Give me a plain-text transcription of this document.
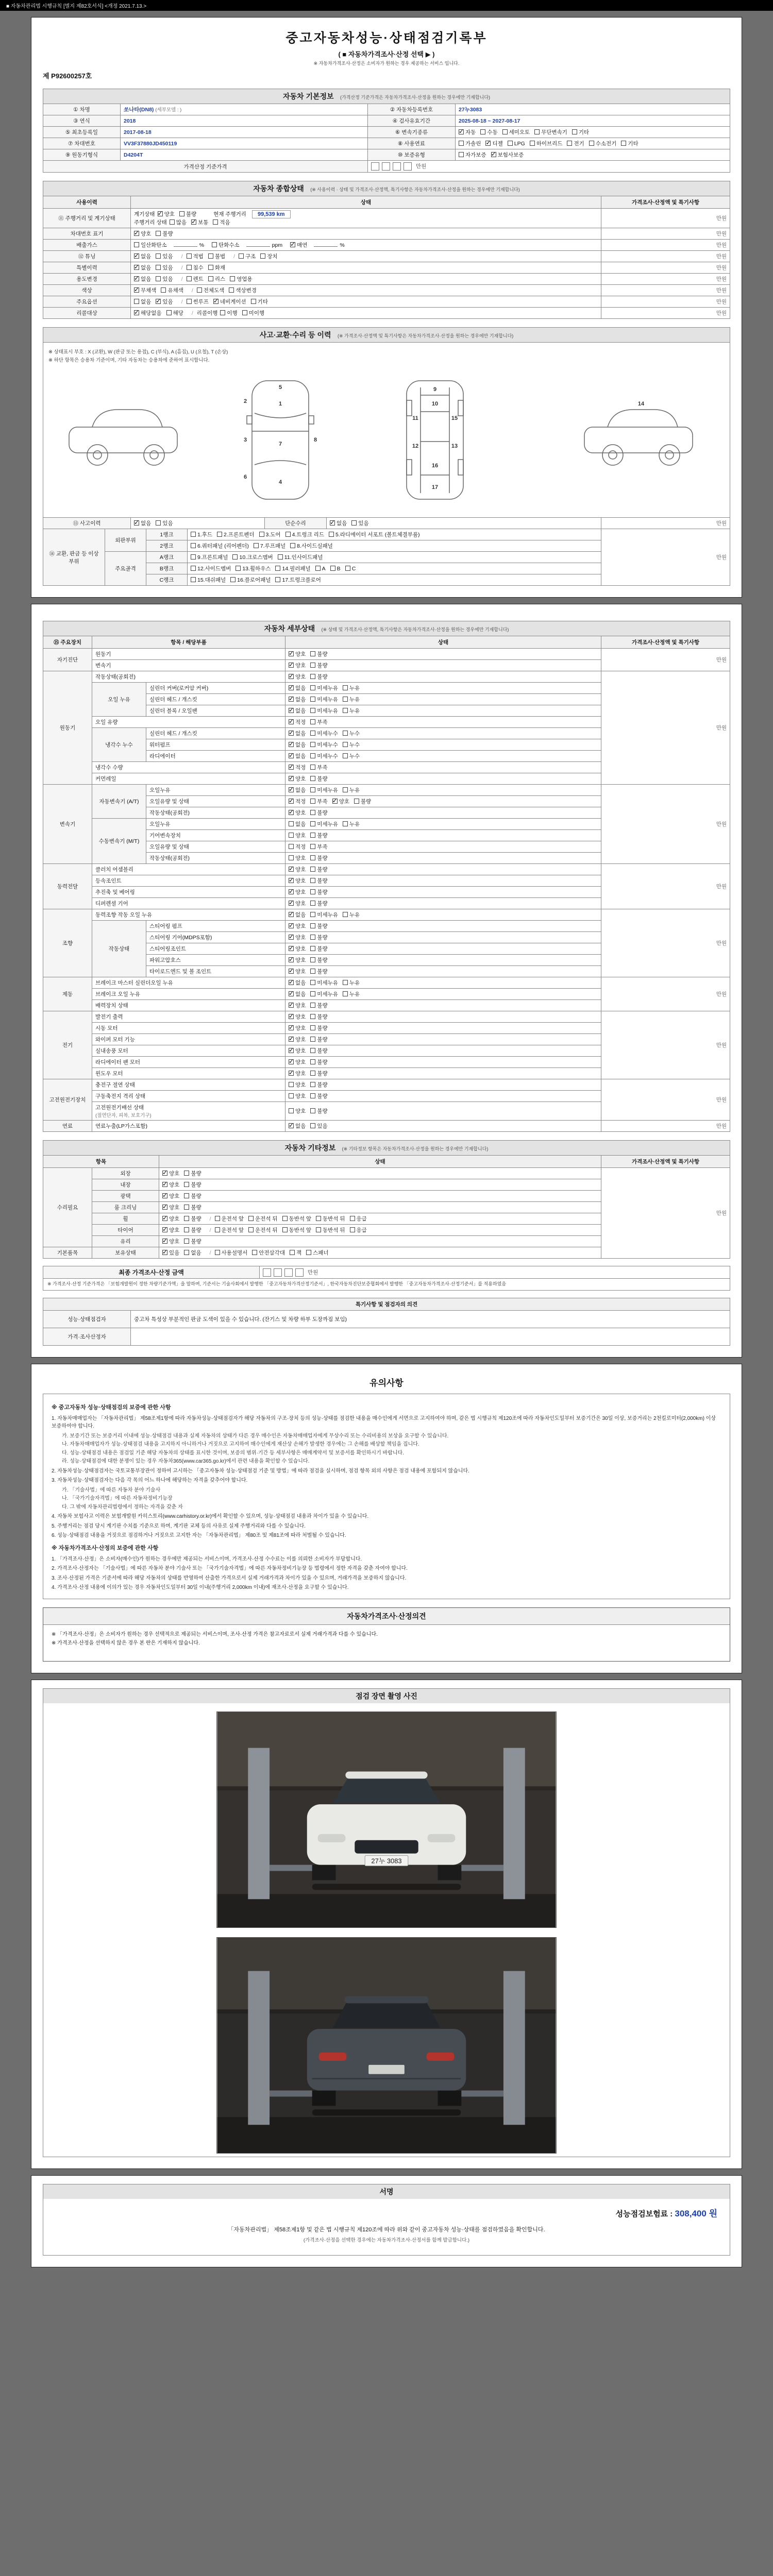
■ 자동차관리법 시행규칙 [별지 제82호서식] <개정 2021.7.13.>
중고자동차성능·상태점검기록부
( ■ 자동차가격조사·산정 선택 ▶ )
※ 자동차가격조사·산정은 소비자가 원하는 경우 제공하는 서비스 입니다.
제 P92600257호
자동차 기본정보 (가격산정 기준가격은 자동차가격조사·산정을 원하는 경우에만 기재합니다)
① 차명	쏘나타(DN8) (세부모델 : )	② 자동차등록번호	27누3083
③ 연식	2018	④ 검사유효기간	2025-08-18 ~ 2027-08-17
⑤ 최초등록일	2017-08-18	⑥ 변속기종류	✓자동 수동 세미오토 무단변속기 기타
⑦ 차대번호	VV3F37880JD450119	⑧ 사용연료	가솔린 ✓ 디젤 LPG 하이브리드 전기 수소전기 기타
⑨ 원동기형식	D4204T	⑩ 보증유형	자가보증 ✓ 보험사보증
가격산정 기준가격		만원	
자동차 종합상태 (※ 사용이력 · 상태 및 가격조사·산정액, 특기사항은 자동차가격조사·산정을 원하는 경우에만 기재합니다)
사용이력	상태	가격조사·산정액 및 특기사항
⑪ 주행거리 및 계기상태	계기상태 ✓ 양호 불량 현재 주행거리 99,539 km
주행거리 상태 많음 ✓ 보통 적음	만원
차대번호 표기	✓양호 불량	만원
배출가스	일산화탄소 % 탄화수소 ppm ✓ 매연 %	만원
⑫ 튜닝	✓없음 있음 / 적법 불법 / 구조 장치	만원
특별이력	✓없음 있음 / 침수 화재	만원
용도변경	✓없음 있음 / 렌트 리스 영업용	만원
색상	✓무채색 유채색 / 전체도색 색상변경	만원
주요옵션	없음 ✓ 있음 / 썬루프 ✓ 네비게이션 기타	만원
리콜대상	✓해당없음 해당 / 리콜이행 이행 미이행	만원
사고·교환·수리 등 이력 (※ 가격조사·산정액 및 특기사항은 자동차가격조사·산정을 원하는 경우에만 기재합니다)
※ 상태표시 부호 : X (교환), W (판금 또는 용접), C (부식), A (흠집), U (요철), T (손상)
※ 하단 항목은 승용차 기준이며, 기타 자동차는 승용차에 준하여 표시합니다.
1
2
3
4
5
6
7
8
9
10
11
12	13
14
15
16
17
⑬ 사고이력	✓없음 있음	단순수리	✓없음 있음	만원
⑭ 교환, 판금 등 이상 부위	외판부위	1랭크	1.후드 2.프론트펜더 3.도어 4.트렁크 리드 5.라디에이터 서포트 (볼트체결부품)	만원
		2랭크	6.쿼터패널 (리어펜더) 7.루프패널 8.사이드실패널	
	주요골격	A랭크	9.프론트패널 10.크로스멤버 11.인사이드패널	
		B랭크	12.사이드멤버 13.휠하우스 14.필러패널 A B C	
		C랭크	15.대쉬패널 16.플로어패널 17.트렁크플로어	
자동차 세부상태 (※ 상태 및 가격조사·산정액, 특기사항은 자동차가격조사·산정을 원하는 경우에만 기재합니다)
⑮ 주요장치	항목 / 해당부품		상태	가격조사·산정액 및 특기사항
자기진단	원동기	✓양호 불량	만원
	변속기	✓양호 불량
원동기	작동상태(공회전)	✓양호 불량	만원
	오일 누유	실린더 커버(로커암 커버)	✓없음 미세누유 누유
		실린더 헤드 / 개스킷	✓없음 미세누유 누유
		실린더 블록 / 오일팬	✓없음 미세누유 누유
	오일 유량	✓적정 부족
	냉각수 누수	실린더 헤드 / 개스킷	✓없음 미세누수 누수
		워터펌프	✓없음 미세누수 누수
		라디에이터	✓없음 미세누수 누수
	냉각수 수량	✓적정 부족
	커먼레일	✓양호 불량
변속기	자동변속기 (A/T)	오일누유	✓없음 미세누유 누유	만원
		오일유량 및 상태	✓적정 부족 ✓ 양호 불량
		작동상태(공회전)	✓양호 불량
	수동변속기 (M/T)	오일누유	없음 미세누유 누유	
		기어변속장치	양호 불량	
		오일유량 및 상태	적정 부족	
		작동상태(공회전)	양호 불량	
동력전달	클러치 어셈블리	✓양호 불량	만원
	등속조인트	✓양호 불량
	추진축 및 베어링	✓양호 불량
	디퍼렌셜 기어	✓양호 불량
조향	동력조향 작동 오일 누유	✓없음 미세누유 누유	만원
	작동상태	스티어링 펌프	✓양호 불량
		스티어링 기어(MDPS포함)	✓양호 불량
		스티어링조인트	✓양호 불량
		파워고압호스	✓양호 불량
		타이로드엔드 및 볼 조인트	✓양호 불량
제동	브레이크 마스터 실린더오일 누유	✓없음 미세누유 누유	만원
	브레이크 오일 누유	✓없음 미세누유 누유
	배력장치 상태	✓양호 불량
전기	발전기 출력	✓양호 불량	만원
	시동 모터	✓양호 불량
	와이퍼 모터 기능	✓양호 불량
	실내송풍 모터	✓양호 불량
	라디에이터 팬 모터	✓양호 불량
	윈도우 모터	✓양호 불량
고전원전기장치	충전구 절연 상태		양호 불량	만원
	구동축전지 격리 상태		양호 불량	
	고전원전기배선 상태
(절연단자, 피복, 보호기구)		양호 불량	
연료	연료누출(LP가스포함)	✓없음 있음	만원
자동차 기타정보 (※ 기타정보 항목은 자동차가격조사·산정을 원하는 경우에만 기재합니다)
항목		상태	가격조사·산정액 및 특기사항
수리필요	외장	✓양호 불량	만원
	내장	✓양호 불량
	광택	✓양호 불량
	룸 크리닝	✓양호 불량
	휠	✓양호 불량 / 운전석 앞 운전석 뒤 동반석 앞 동반석 뒤 응급
	타이어	✓양호 불량 / 운전석 앞 운전석 뒤 동반석 앞 동반석 뒤 응급
	유리	✓양호 불량
기본품목	보유상태	✓있음 없음 / 사용설명서 안전삼각대 잭 스패너
최종 가격조사·산정 금액	만원
※ 가격조사·산정 기준가격은 「보험개발원이 정한 차량기준가액」을 말하며, 기준서는 기술사회에서 발행한 「중고자동차가격산정기준서」, 한국자동차진단보증협회에서 발행한 「중고자동차가격조사·산정기준서」를 적용하였음
특기사항 및 점검자의 의견	
성능·상태점검자	중고차 특성상 부분적인 판금 도색이 있을 수 있습니다. (잔기스 및 차량 하부 도장까짐 보임)
가격·조사산정자	
유의사항
※ 중고자동차 성능·상태점검의 보증에 관한 사항
1. 자동차매매업자는 「자동차관리법」 제58조제1항에 따라 자동차성능·상태점검자가 해당 자동차의 구조·장치 등의 성능·상태를 점검한 내용을 매수인에게 서면으로 고지하여야 하며, 같은 법 시행규칙 제120조에 따라 자동차인도일부터 보증기간은 30일 이상, 보증거리는 2천킬로미터(2,000km) 이상 보증하여야 합니다.
가. 보증기간 또는 보증거리 이내에 성능·상태점검 내용과 실제 자동차의 상태가 다른 경우 매수인은 자동차매매업자에게 무상수리 또는 수리비용의 보상을 요구할 수 있습니다.
나. 자동차매매업자가 성능·상태점검 내용을 고지하지 아니하거나 거짓으로 고지하여 매수인에게 재산상 손해가 발생한 경우에는 그 손해를 배상할 책임을 집니다.
다. 성능·상태점검 내용은 점검일 기준 해당 자동차의 상태를 표시한 것이며, 보증의 범위·기간 등 세부사항은 매매계약서 및 보증서를 확인하시기 바랍니다.
라. 성능·상태점검에 대한 분쟁이 있는 경우 자동차365(www.car365.go.kr)에서 관련 내용을 확인할 수 있습니다.
2. 자동차성능·상태점검자는 국토교통부장관이 정하여 고시하는 「중고자동차 성능·상태점검 기준 및 방법」에 따라 점검을 실시하며, 점검 항목 외의 사항은 점검 내용에 포함되지 않습니다.
3. 자동차성능·상태점검자는 다음 각 목의 어느 하나에 해당하는 자격을 갖추어야 합니다.
가. 「기술사법」에 따른 자동차 분야 기술사
나. 「국가기술자격법」에 따른 자동차정비기능장
다. 그 밖에 자동차관리법령에서 정하는 자격을 갖춘 자
4. 자동차 보험사고 이력은 보험개발원 카히스토리(www.carhistory.or.kr)에서 확인할 수 있으며, 성능·상태점검 내용과 차이가 있을 수 있습니다.
5. 주행거리는 점검 당시 계기판 수치를 기준으로 하며, 계기판 교체 등의 사유로 실제 주행거리와 다를 수 있습니다.
6. 성능·상태점검 내용을 거짓으로 점검하거나 거짓으로 고지한 자는 「자동차관리법」 제80조 및 제81조에 따라 처벌될 수 있습니다.
※ 자동차가격조사·산정의 보증에 관한 사항
1. 「가격조사·산정」은 소비자(매수인)가 원하는 경우에만 제공되는 서비스이며, 가격조사·산정 수수료는 이를 의뢰한 소비자가 부담합니다.
2. 가격조사·산정자는 「기술사법」에 따른 자동차 분야 기술사 또는 「국가기술자격법」에 따른 자동차정비기능장 등 법령에서 정한 자격을 갖춘 자여야 합니다.
3. 조사·산정된 가격은 기준서에 따라 해당 자동차의 상태를 반영하여 산출한 가격으로서 실제 거래가격과 차이가 있을 수 있으며, 거래가격을 보증하지 않습니다.
4. 가격조사·산정 내용에 이의가 있는 경우 자동차인도일부터 30일 이내(주행거리 2,000km 이내)에 재조사·산정을 요구할 수 있습니다.
자동차가격조사·산정의견
※ 「가격조사·산정」은 소비자가 원하는 경우 선택적으로 제공되는 서비스이며, 조사·산정 가격은 참고자료로서 실제 거래가격과 다를 수 있습니다.
※ 가격조사·산정을 선택하지 않은 경우 본 란은 기재하지 않습니다.
점검 장면 촬영 사진
27누 3083
서명
성능점검보험료 : 308,400 원
「자동차관리법」 제58조제1항 및 같은 법 시행규칙 제120조에 따라 위와 같이 중고자동차 성능·상태를 점검하였음을 확인합니다.
(가격조사·산정을 선택한 경우에는 자동차가격조사·산정서를 함께 발급합니다.)
